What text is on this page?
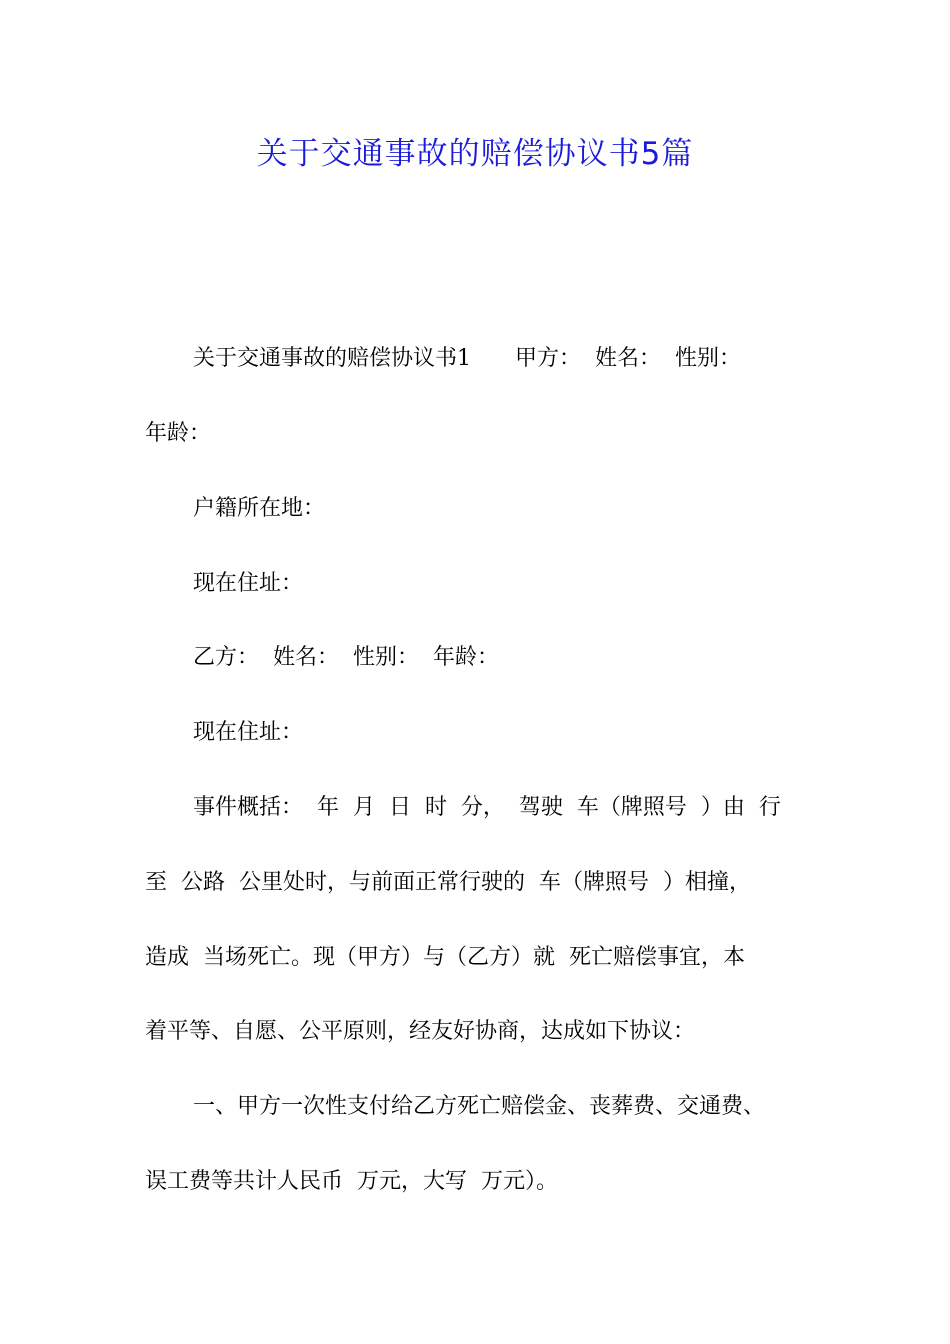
关于交通事故的赔偿协议书5篇
关于交通事故的赔偿协议书1　　甲方：  姓名：  性别：
年龄：
户籍所在地：
现在住址：
乙方：  姓名：  性别：  年龄：
现在住址：
事件概括：  年  月  日  时  分，  驾驶  车（牌照号  ）由  行
至  公路  公里处时，与前面正常行驶的  车（牌照号  ）相撞，
造成  当场死亡。现（甲方）与（乙方）就  死亡赔偿事宜，本
着平等、自愿、公平原则，经友好协商，达成如下协议：
一、甲方一次性支付给乙方死亡赔偿金、丧葬费、交通费、
误工费等共计人民币  万元，大写  万元）。
